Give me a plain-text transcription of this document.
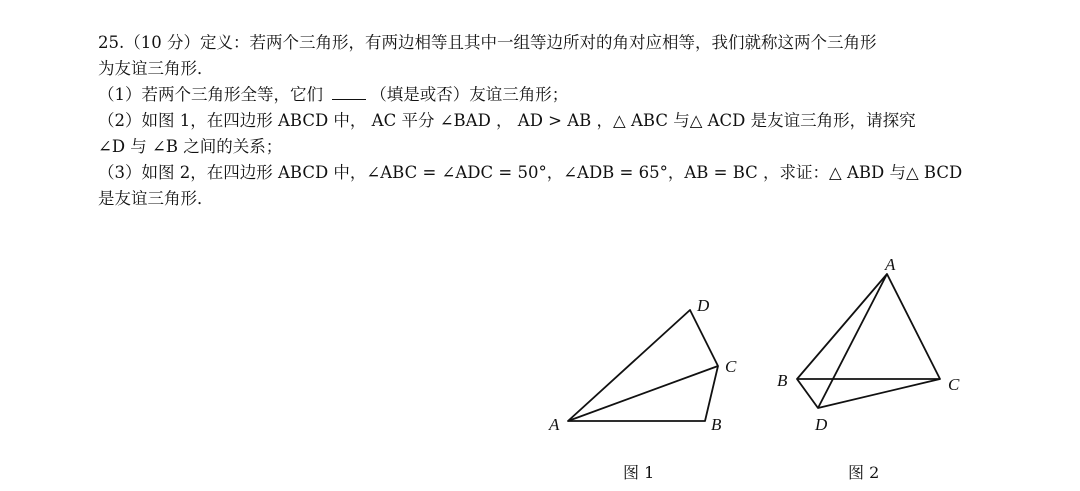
25.（10 分）定义：若两个三角形，有两边相等且其中一组等边所对的角对应相等，我们就称这两个三角形
为友谊三角形．
（1）若两个三角形全等，它们	（填是或否）友谊三角形；
（2）如图 1，在四边形 ABCD 中， AC 平分 ∠BAD ， AD > AB ，△ ABC 与△ ACD 是友谊三角形，请探究
∠D 与 ∠B 之间的关系；
（3）如图 2，在四边形 ABCD 中，∠ABC = ∠ADC = 50°，∠ADB = 65°，AB = BC ，求证：△ ABD 与△ BCD
是友谊三角形．
A	B
C
D
图 1
A
B	C
D
图 2
